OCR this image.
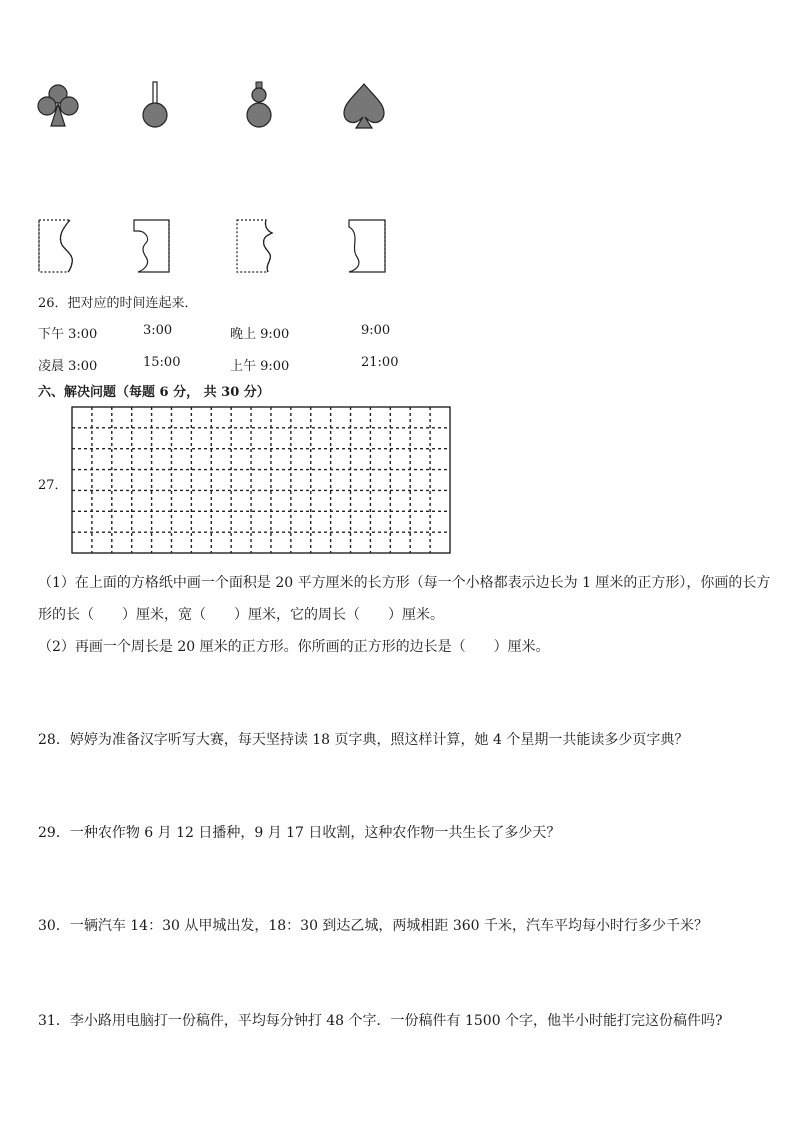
26．把对应的时间连起来．
下午 3:00	3:00	晚上 9:00	9:00
凌晨 3:00	15:00	上午 9:00	21:00
六、解决问题（每题 6 分， 共 30 分）
27．
（1）在上面的方格纸中画一个面积是 20 平方厘米的长方形（每一个小格都表示边长为 1 厘米的正方形），你画的长方
形的长（　　）厘米，宽（　　）厘米，它的周长（　　）厘米。
（2）再画一个周长是 20 厘米的正方形。你所画的正方形的边长是（　　）厘米。
28．婷婷为准备汉字听写大赛，每天坚持读 18 页字典，照这样计算，她 4 个星期一共能读多少页字典？
29．一种农作物 6 月 12 日播种，9 月 17 日收割，这种农作物一共生长了多少天？
30．一辆汽车 14：30 从甲城出发，18：30 到达乙城，两城相距 360 千米，汽车平均每小时行多少千米？
31．李小路用电脑打一份稿件，平均每分钟打 48 个字．一份稿件有 1500 个字，他半小时能打完这份稿件吗?
